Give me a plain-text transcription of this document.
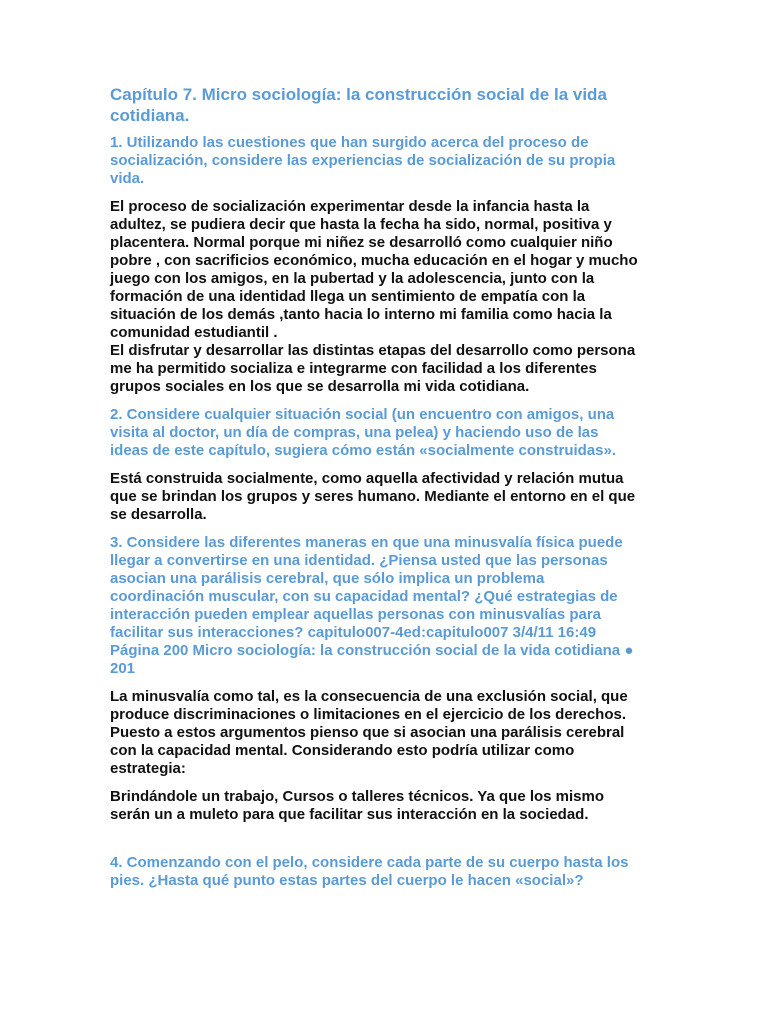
Capítulo 7. Micro sociología: la construcción social de la vida cotidiana.

1. Utilizando las cuestiones que han surgido acerca del proceso de
socialización, considere las experiencias de socialización de su propia
vida.

El proceso de socialización experimentar desde la infancia hasta la
adultez, se pudiera decir que hasta la fecha ha sido, normal, positiva y
placentera. Normal porque mi niñez se desarrolló como cualquier niño
pobre , con sacrificios económico, mucha educación en el hogar y mucho
juego con los amigos, en la pubertad y la adolescencia, junto con la
formación de una identidad llega un sentimiento de empatía con la
situación de los demás ,tanto hacia lo interno mi familia como hacia la
comunidad estudiantil .
El disfrutar y desarrollar las distintas etapas del desarrollo como persona
me ha permitido socializa e integrarme con facilidad a los diferentes
grupos sociales en los que se desarrolla mi vida cotidiana.

2. Considere cualquier situación social (un encuentro con amigos, una
visita al doctor, un día de compras, una pelea) y haciendo uso de las
ideas de este capítulo, sugiera cómo están «socialmente construidas».

Está construida socialmente, como aquella afectividad y relación mutua
que se brindan los grupos y seres humano. Mediante el entorno en el que
se desarrolla.

3. Considere las diferentes maneras en que una minusvalía física puede
llegar a convertirse en una identidad. ¿Piensa usted que las personas
asocian una parálisis cerebral, que sólo implica un problema
coordinación muscular, con su capacidad mental? ¿Qué estrategias de
interacción pueden emplear aquellas personas con minusvalías para
facilitar sus interacciones? capitulo007-4ed:capitulo007 3/4/11 16:49
Página 200 Micro sociología: la construcción social de la vida cotidiana ●
201

La minusvalía como tal, es la consecuencia de una exclusión social, que
produce discriminaciones o limitaciones en el ejercicio de los derechos.
Puesto a estos argumentos pienso que si asocian una parálisis cerebral
con la capacidad mental. Considerando esto podría utilizar como
estrategia:

Brindándole un trabajo, Cursos o talleres técnicos. Ya que los mismo
serán un a muleto para que facilitar sus interacción en la sociedad.

4. Comenzando con el pelo, considere cada parte de su cuerpo hasta los
pies. ¿Hasta qué punto estas partes del cuerpo le hacen «social»?
